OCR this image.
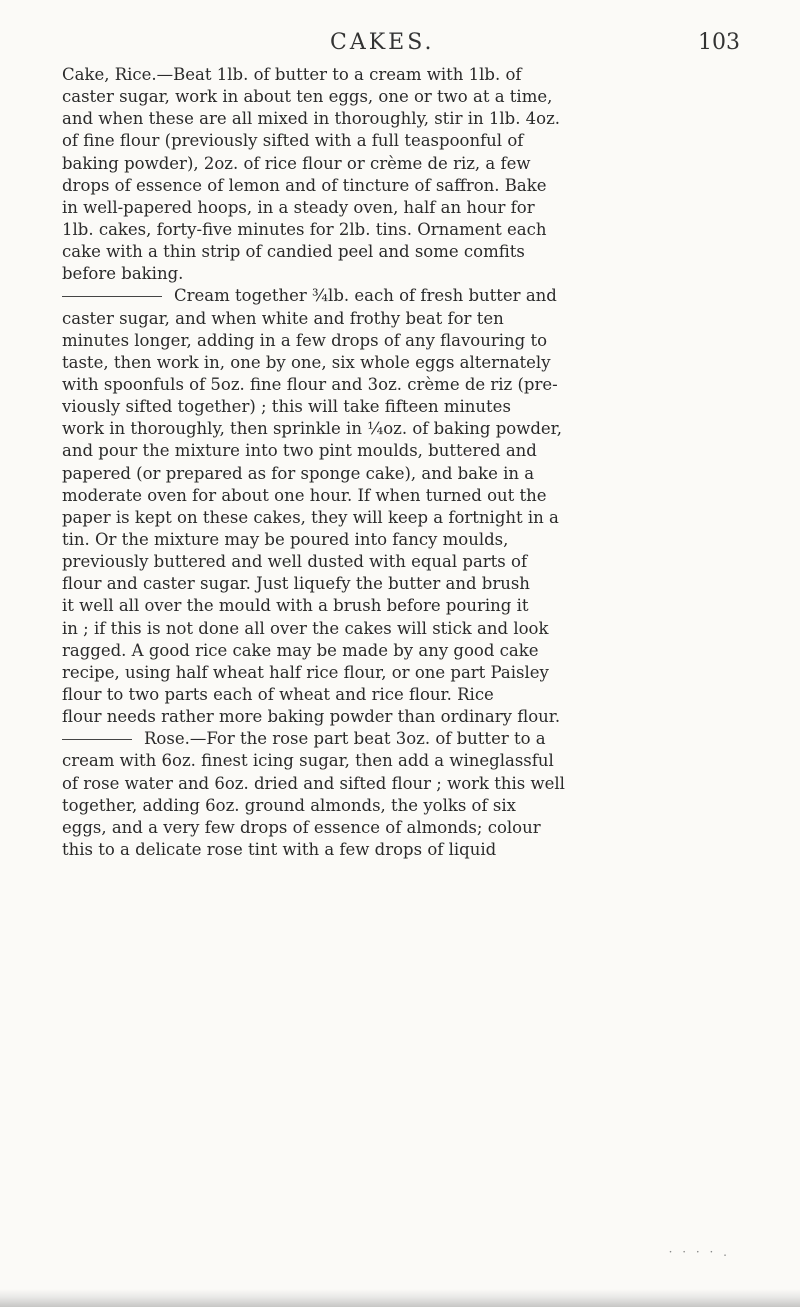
CAKES.	103
Cake, Rice.—Beat 1lb. of butter to a cream with 1lb. of
caster sugar, work in about ten eggs, one or two at a time,
and when these are all mixed in thoroughly, stir in 1lb. 4oz.
of fine flour (previously sifted with a full teaspoonful of
baking powder), 2oz. of rice flour or crème de riz, a few
drops of essence of lemon and of tincture of saffron. Bake
in well-papered hoops, in a steady oven, half an hour for
1lb. cakes, forty-five minutes for 2lb. tins. Ornament each
cake with a thin strip of candied peel and some comfits
before baking.
Cream together ¾lb. each of fresh butter and
caster sugar, and when white and frothy beat for ten
minutes longer, adding in a few drops of any flavouring to
taste, then work in, one by one, six whole eggs alternately
with spoonfuls of 5oz. fine flour and 3oz. crème de riz (pre-
viously sifted together) ; this will take fifteen minutes
work in thoroughly, then sprinkle in ¼oz. of baking powder,
and pour the mixture into two pint moulds, buttered and
papered (or prepared as for sponge cake), and bake in a
moderate oven for about one hour. If when turned out the
paper is kept on these cakes, they will keep a fortnight in a
tin. Or the mixture may be poured into fancy moulds,
previously buttered and well dusted with equal parts of
flour and caster sugar. Just liquefy the butter and brush
it well all over the mould with a brush before pouring it
in ; if this is not done all over the cakes will stick and look
ragged. A good rice cake may be made by any good cake
recipe, using half wheat half rice flour, or one part Paisley
flour to two parts each of wheat and rice flour. Rice
flour needs rather more baking powder than ordinary flour.
Rose.—For the rose part beat 3oz. of butter to a
cream with 6oz. finest icing sugar, then add a wineglassful
of rose water and 6oz. dried and sifted flour ; work this well
together, adding 6oz. ground almonds, the yolks of six
eggs, and a very few drops of essence of almonds; colour
this to a delicate rose tint with a few drops of liquid
· · · · .
